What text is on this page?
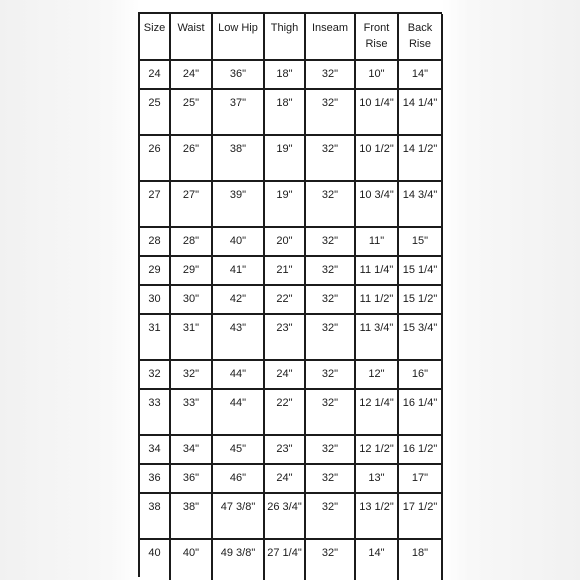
Size	Waist	Low Hip	Thigh	Inseam	Front Rise	Back Rise
24	24"	36"	18"	32"	10"	14"
25	25"	37"	18"	32"	10 1/4"	14 1/4"
26	26"	38"	19"	32"	10 1/2"	14 1/2"
27	27"	39"	19"	32"	10 3/4"	14 3/4"
28	28"	40"	20"	32"	11"	15"
29	29"	41"	21"	32"	11 1/4"	15 1/4"
30	30"	42"	22"	32"	11 1/2"	15 1/2"
31	31"	43"	23"	32"	11 3/4"	15 3/4"
32	32"	44"	24"	32"	12"	16"
33	33"	44"	22"	32"	12 1/4"	16 1/4"
34	34"	45"	23"	32"	12 1/2"	16 1/2"
36	36"	46"	24"	32"	13"	17"
38	38"	47 3/8"	26 3/4"	32"	13 1/2"	17 1/2"
40	40"	49 3/8"	27 1/4"	32"	14"	18"
